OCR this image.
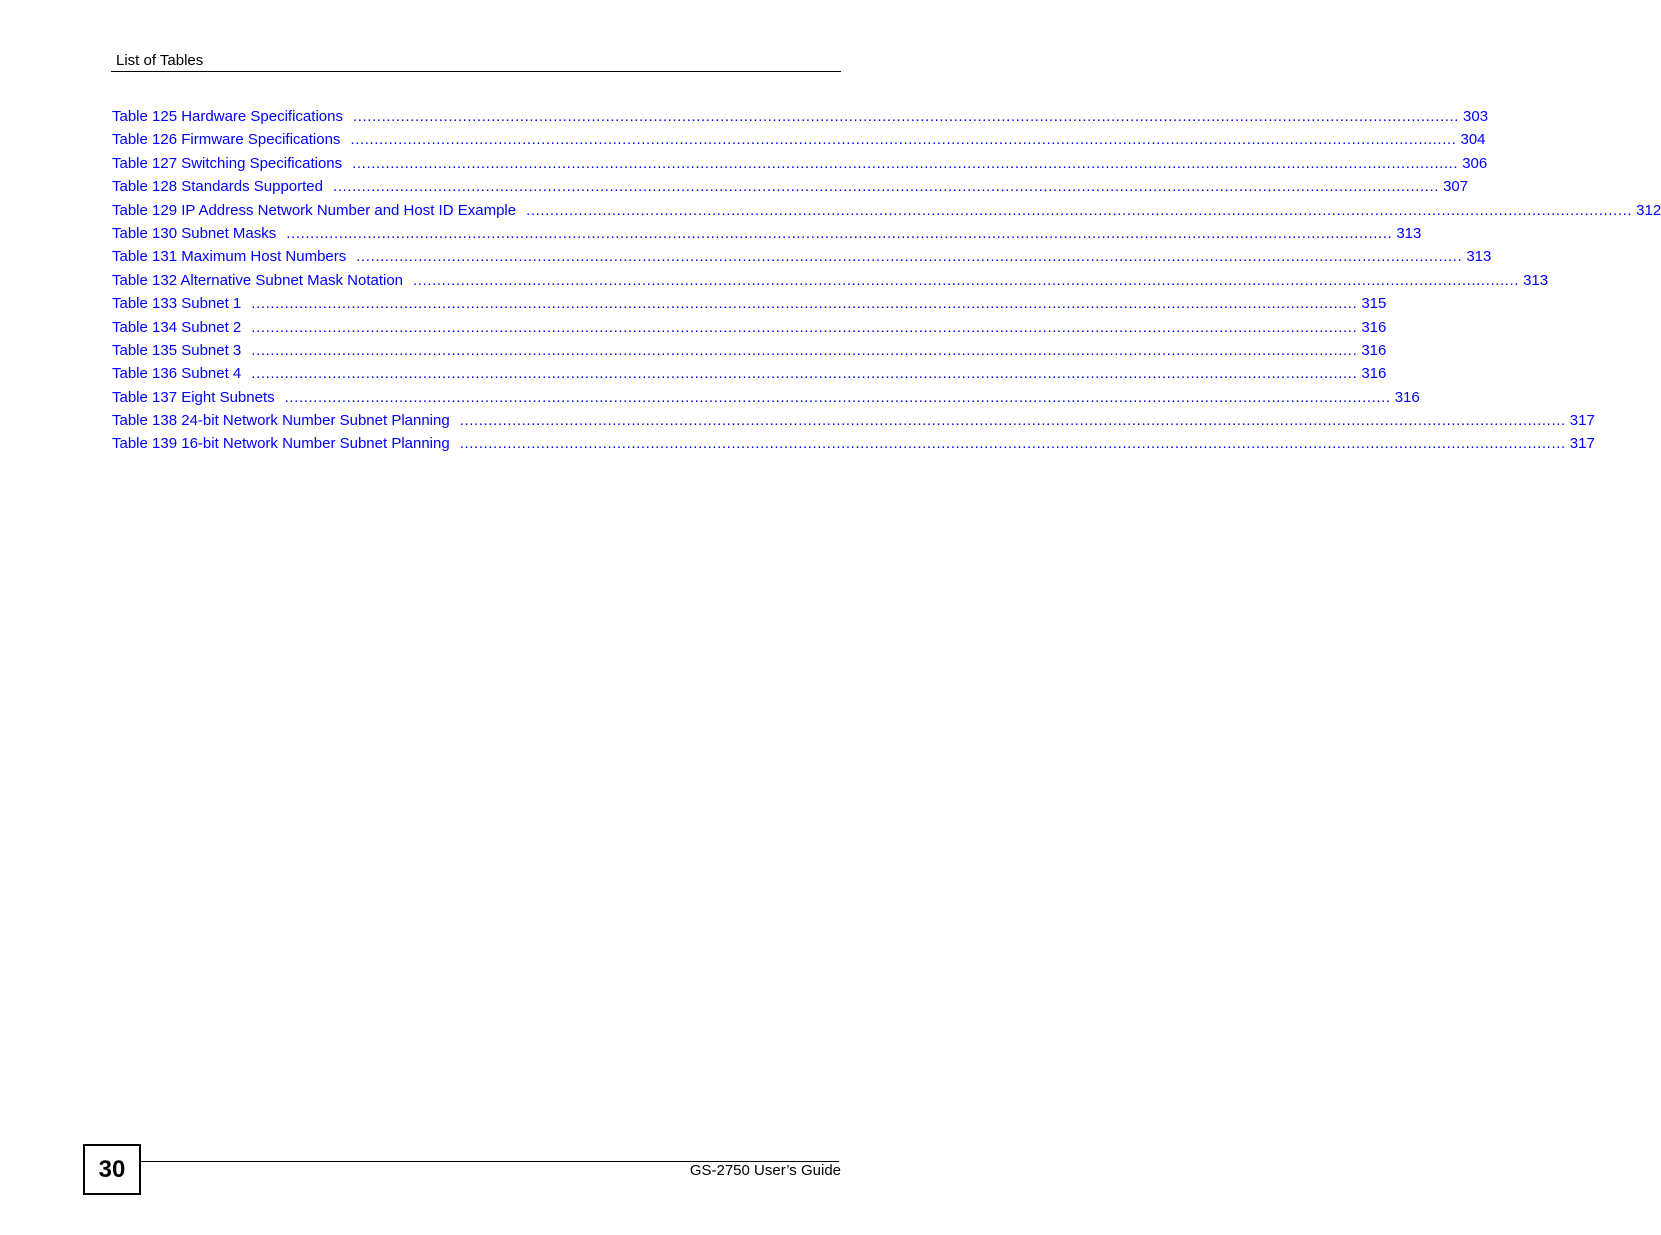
List of Tables
Table 125 Hardware Specifications ........................................................................................................................................................................................................................................ 303
Table 126 Firmware Specifications ........................................................................................................................................................................................................................................ 304
Table 127 Switching Specifications ........................................................................................................................................................................................................................................ 306
Table 128 Standards Supported ........................................................................................................................................................................................................................................ 307
Table 129 IP Address Network Number and Host ID Example ........................................................................................................................................................................................................................................ 312
Table 130 Subnet Masks ........................................................................................................................................................................................................................................ 313
Table 131 Maximum Host Numbers ........................................................................................................................................................................................................................................ 313
Table 132 Alternative Subnet Mask Notation ........................................................................................................................................................................................................................................ 313
Table 133 Subnet 1 ........................................................................................................................................................................................................................................ 315
Table 134 Subnet 2 ........................................................................................................................................................................................................................................ 316
Table 135 Subnet 3 ........................................................................................................................................................................................................................................ 316
Table 136 Subnet 4 ........................................................................................................................................................................................................................................ 316
Table 137 Eight Subnets ........................................................................................................................................................................................................................................ 316
Table 138 24-bit Network Number Subnet Planning ........................................................................................................................................................................................................................................ 317
Table 139 16-bit Network Number Subnet Planning ........................................................................................................................................................................................................................................ 317
30	GS-2750 User’s Guide
